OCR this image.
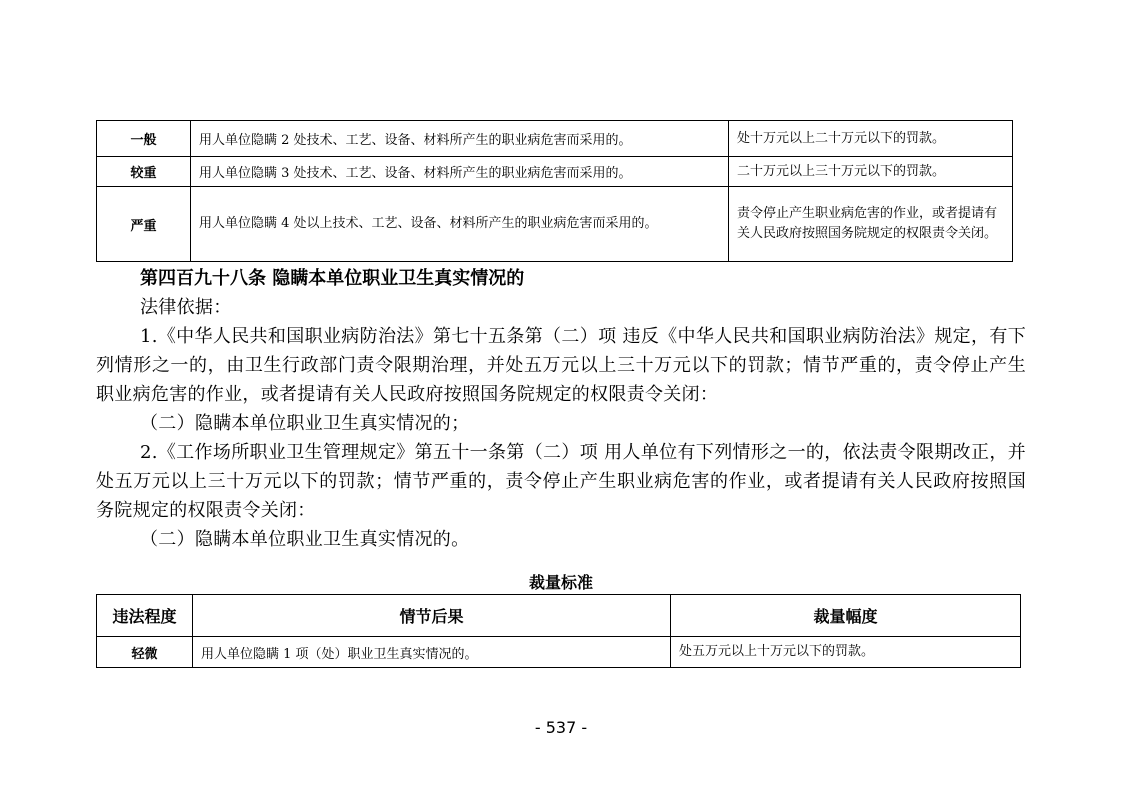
一般	用人单位隐瞒 2 处技术、工艺、设备、材料所产生的职业病危害而采用的。	处十万元以上二十万元以下的罚款。
较重	用人单位隐瞒 3 处技术、工艺、设备、材料所产生的职业病危害而采用的。	二十万元以上三十万元以下的罚款。
严重	用人单位隐瞒 4 处以上技术、工艺、设备、材料所产生的职业病危害而采用的。	责令停止产生职业病危害的作业，或者提请有关人民政府按照国务院规定的权限责令关闭。
第四百九十八条 隐瞒本单位职业卫生真实情况的

法律依据：

1.《中华人民共和国职业病防治法》第七十五条第（二）项 违反《中华人民共和国职业病防治法》规定，有下列情形之一的，由卫生行政部门责令限期治理，并处五万元以上三十万元以下的罚款；情节严重的，责令停止产生职业病危害的作业，或者提请有关人民政府按照国务院规定的权限责令关闭：

（二）隐瞒本单位职业卫生真实情况的；

2.《工作场所职业卫生管理规定》第五十一条第（二）项 用人单位有下列情形之一的，依法责令限期改正，并处五万元以上三十万元以下的罚款；情节严重的，责令停止产生职业病危害的作业，或者提请有关人民政府按照国务院规定的权限责令关闭：

（二）隐瞒本单位职业卫生真实情况的。

裁量标准
违法程度	情节后果	裁量幅度
轻微	用人单位隐瞒 1 项（处）职业卫生真实情况的。	处五万元以上十万元以下的罚款。
- 537 -
